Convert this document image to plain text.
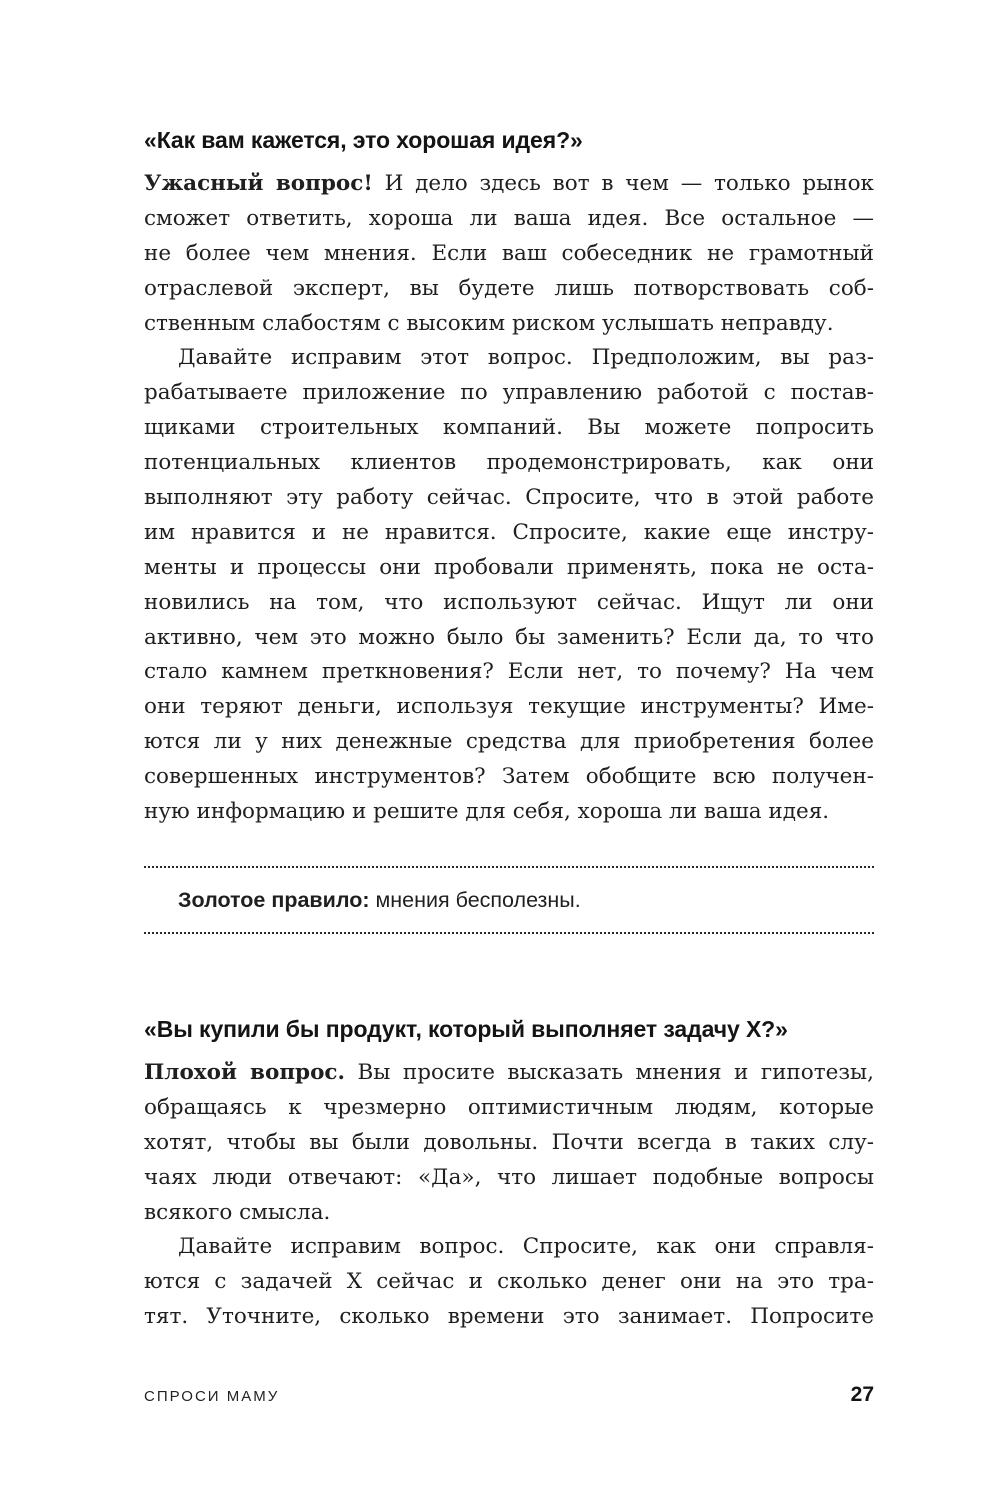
«Как вам кажется, это хорошая идея?»

Ужасный вопрос! И дело здесь вот в чем — только рынок
сможет ответить, хороша ли ваша идея. Все остальное —
не более чем мнения. Если ваш собеседник не грамотный
отраслевой эксперт, вы будете лишь потворствовать соб-
ственным слабостям с высоким риском услышать неправду.

Давайте исправим этот вопрос. Предположим, вы раз-
рабатываете приложение по управлению работой с постав-
щиками строительных компаний. Вы можете попросить
потенциальных клиентов продемонстрировать, как они
выполняют эту работу сейчас. Спросите, что в этой работе
им нравится и не нравится. Спросите, какие еще инстру-
менты и процессы они пробовали применять, пока не оста-
новились на том, что используют сейчас. Ищут ли они
активно, чем это можно было бы заменить? Если да, то что
стало камнем преткновения? Если нет, то почему? На чем
они теряют деньги, используя текущие инструменты? Име-
ются ли у них денежные средства для приобретения более
совершенных инструментов? Затем обобщите всю получен-
ную информацию и решите для себя, хороша ли ваша идея.

Золотое правило: мнения бесполезны.

«Вы купили бы продукт, который выполняет задачу X?»

Плохой вопрос. Вы просите высказать мнения и гипотезы,
обращаясь к чрезмерно оптимистичным людям, которые
хотят, чтобы вы были довольны. Почти всегда в таких слу-
чаях люди отвечают: «Да», что лишает подобные вопросы
всякого смысла.

Давайте исправим вопрос. Спросите, как они справля-
ются с задачей X сейчас и сколько денег они на это тра-
тят. Уточните, сколько времени это занимает. Попросите

СПРОСИ МАМУ	27
